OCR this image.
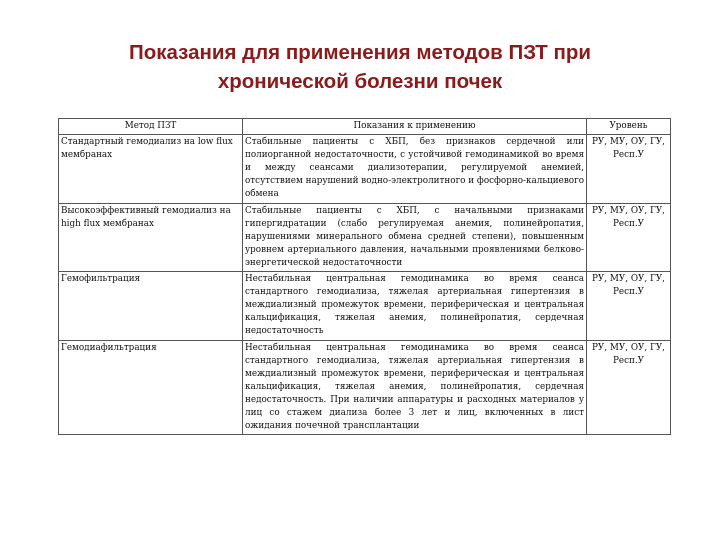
Показания для применения методов ПЗТ при
хронической болезни почек
Метод ПЗТ	Показания к применению	Уровень
Стандартный гемодиализ на low flux мембранах	Стабильные пациенты с ХБП, без признаков сердечной или полиорганной недостаточности, с устойчивой гемодинамикой во время и между сеансами диализотерапии, регулируемой анемией, отсутствием нарушений водно-электролитного и фосфорно-кальциевого обмена	РУ, МУ, ОУ, ГУ, Респ.У
Высокоэффективный гемодиализ на high flux мембранах	Стабильные пациенты с ХБП, с начальными признаками гипергидратации (слабо регулируемая анемия, полинейропатия, нарушениями минерального обмена средней степени), повышенным уровнем артериального давления, начальными проявлениями белково-энергетической недостаточности	РУ, МУ, ОУ, ГУ, Респ.У
Гемофильтрация	Нестабильная центральная гемодинамика во время сеанса стандартного гемодиализа, тяжелая артериальная гипертензия в междиализный промежуток времени, периферическая и центральная кальцификация, тяжелая анемия, полинейропатия, сердечная недостаточность	РУ, МУ, ОУ, ГУ, Респ.У
Гемодиафильтрация	Нестабильная центральная гемодинамика во время сеанса стандартного гемодиализа, тяжелая артериальная гипертензия в междиализный промежуток времени, периферическая и центральная кальцификация, тяжелая анемия, полинейропатия, сердечная недостаточность. При наличии аппаратуры и расходных материалов у лиц со стажем диализа более 3 лет и лиц, включенных в лист ожидания почечной трансплантации	РУ, МУ, ОУ, ГУ, Респ.У
